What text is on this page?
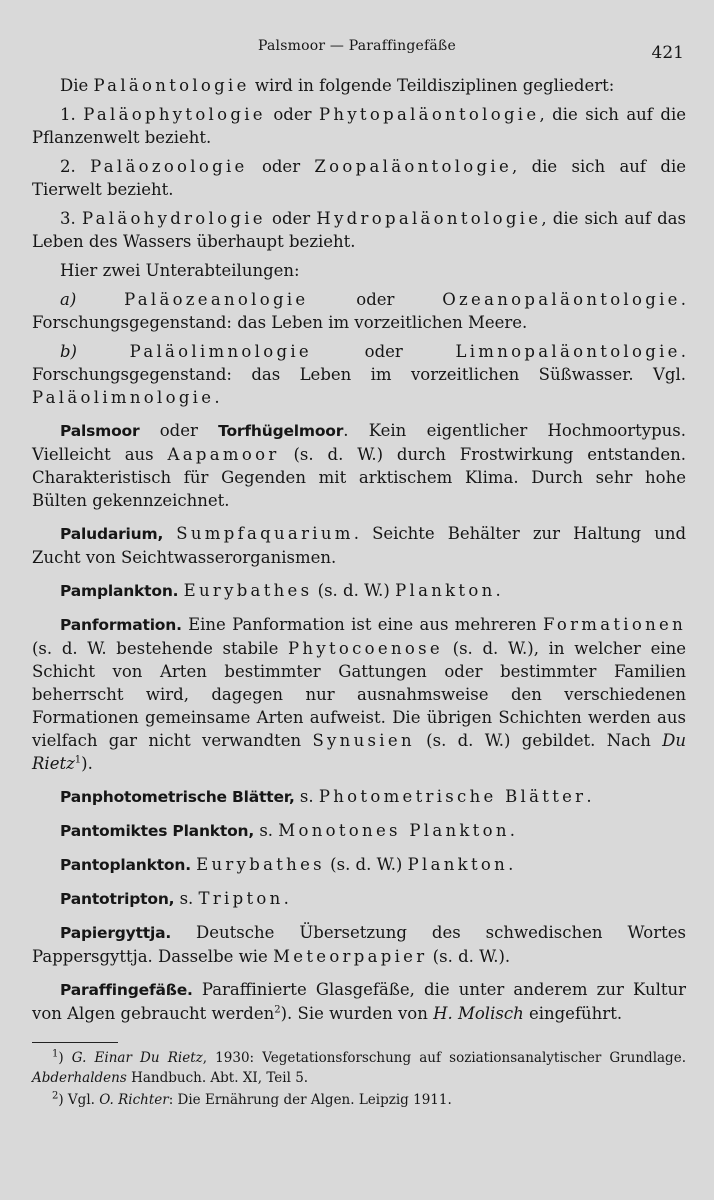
Palsmoor — Paraffingefäße	421

Die Paläontologie wird in folgende Teildisziplinen gegliedert:

1. Paläophytologie oder Phytopaläontologie, die sich auf die Pflanzenwelt bezieht.

2. Paläozoologie oder Zoopaläontologie, die sich auf die Tierwelt bezieht.

3. Paläohydrologie oder Hydropaläontologie, die sich auf das Leben des Wassers überhaupt bezieht.

Hier zwei Unterabteilungen:

a) Paläozeanologie oder Ozeanopaläontologie. Forschungsgegenstand: das Leben im vorzeitlichen Meere.

b) Paläolimnologie oder Limnopaläontologie. Forschungsgegenstand: das Leben im vorzeitlichen Süßwasser. Vgl. Paläolimnologie.

Palsmoor oder Torfhügelmoor. Kein eigentlicher Hochmoortypus. Vielleicht aus Aapamoor (s. d. W.) durch Frostwirkung entstanden. Charakteristisch für Gegenden mit arktischem Klima. Durch sehr hohe Bülten gekennzeichnet.

Paludarium, Sumpfaquarium. Seichte Behälter zur Haltung und Zucht von Seichtwasserorganismen.

Pamplankton. Eurybathes (s. d. W.) Plankton.

Panformation. Eine Panformation ist eine aus mehreren Formationen (s. d. W. bestehende stabile Phytocoenose (s. d. W.), in welcher eine Schicht von Arten bestimmter Gattungen oder bestimmter Familien beherrscht wird, dagegen nur ausnahmsweise den verschiedenen Formationen gemeinsame Arten aufweist. Die übrigen Schichten werden aus vielfach gar nicht verwandten Synusien (s. d. W.) gebildet. Nach Du Rietz$^1$).

Panphotometrische Blätter, s. Photometrische Blätter.

Pantomiktes Plankton, s. Monotones Plankton.

Pantoplankton. Eurybathes (s. d. W.) Plankton.

Pantotripton, s. Tripton.

Papiergyttja. Deutsche Übersetzung des schwedischen Wortes Pappersgyttja. Dasselbe wie Meteorpapier (s. d. W.).

Paraffingefäße. Paraffinierte Glasgefäße, die unter anderem zur Kultur von Algen gebraucht werden$^2$). Sie wurden von H. Molisch eingeführt.

$^1$) G. Einar Du Rietz, 1930: Vegetationsforschung auf soziationsanalytischer Grundlage. Abderhaldens Handbuch. Abt. XI, Teil 5.

$^2$) Vgl. O. Richter: Die Ernährung der Algen. Leipzig 1911.
